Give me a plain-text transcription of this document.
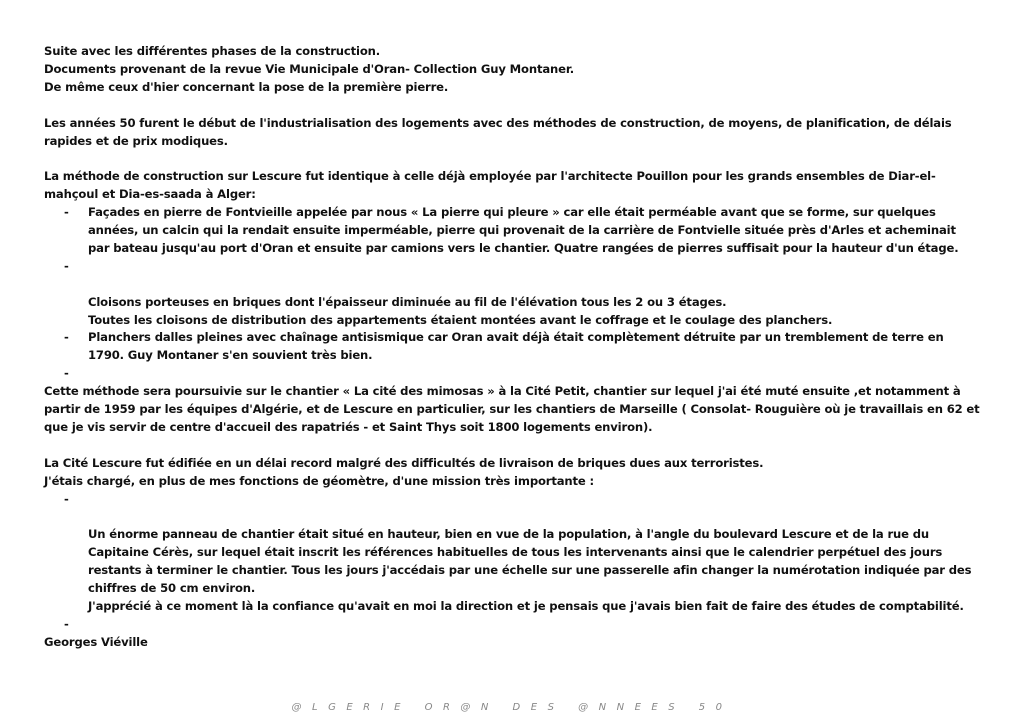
Suite avec les différentes phases de la construction.

Documents provenant de la revue Vie Municipale d'Oran- Collection Guy Montaner.

De même ceux d'hier concernant la pose de la première pierre.

Les années 50 furent le début de l'industrialisation des logements avec des méthodes de construction, de moyens, de planification, de délais rapides et de prix modiques.

La méthode de construction sur Lescure fut identique à celle déjà employée par l'architecte Pouillon pour les grands ensembles de Diar-el-mahçoul et Dia-es-saada à Alger:

- Façades en pierre de Fontvieille appelée par nous « La pierre qui pleure » car elle était perméable avant que se forme, sur quelques années, un calcin qui la rendait ensuite imperméable, pierre qui provenait de la carrière de Fontvielle située près d'Arles et acheminait par bateau jusqu'au port d'Oran et ensuite par camions vers le chantier. Quatre rangées de pierres suffisait pour la hauteur d'un étage.

-

Cloisons porteuses en briques dont l'épaisseur diminuée au fil de l'élévation tous les 2 ou 3 étages.
Toutes les cloisons de distribution des appartements étaient montées avant le coffrage et le coulage des planchers.

- Planchers dalles pleines avec chaînage antisismique car Oran avait déjà était complètement détruite par un tremblement de terre en 1790. Guy Montaner s'en souvient très bien.
-

Cette méthode sera poursuivie sur le chantier « La cité des mimosas » à la Cité Petit, chantier sur lequel j'ai été muté ensuite ,et notamment à partir de 1959 par les équipes d'Algérie, et de Lescure en particulier, sur les chantiers de Marseille ( Consolat- Rouguière où je travaillais en 62 et que je vis servir de centre d'accueil des rapatriés - et Saint Thys soit 1800 logements environ).

La Cité Lescure fut édifiée en un délai record malgré des difficultés de livraison de briques dues aux terroristes.

J'étais chargé, en plus de mes fonctions de géomètre, d'une mission très importante :

-

Un énorme panneau de chantier était situé en hauteur, bien en vue de la population, à l'angle du boulevard Lescure et de la rue du Capitaine Cérès, sur lequel était inscrit les références habituelles de tous les intervenants ainsi que le calendrier perpétuel des jours restants à terminer le chantier. Tous les jours j'accédais par une échelle sur une passerelle afin changer la numérotation indiquée par des chiffres de 50 cm environ.
J'apprécié à ce moment là la confiance qu'avait en moi la direction et je pensais que j'avais bien fait de faire des études de comptabilité.

-

Georges Viéville

@LGERIE OR@N DES @NNEES 50
